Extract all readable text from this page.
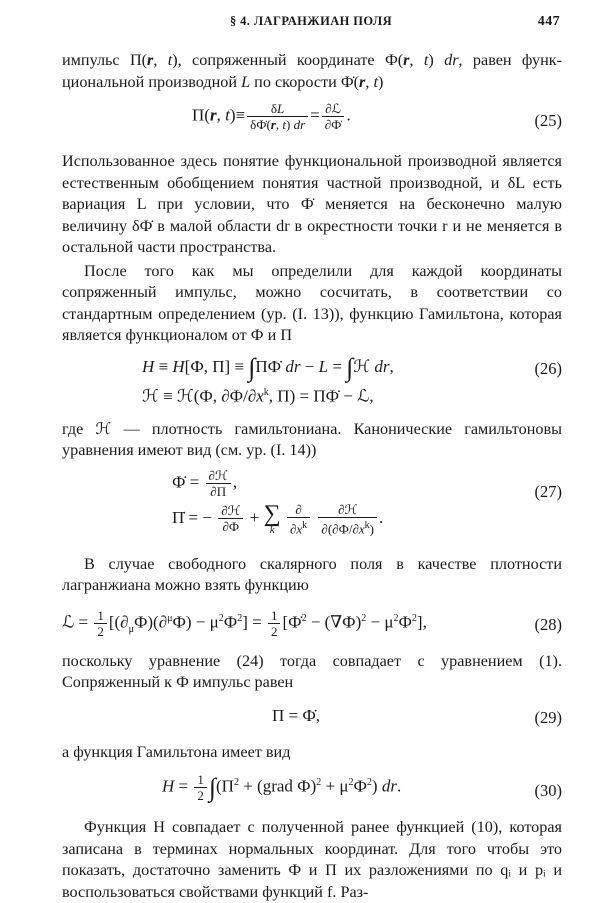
§ 4. ЛАГРАНЖИАН ПОЛЯ	447

импульс П(r, t), сопряженный координате Ф(r, t) dr, равен функ- циональной производной L по скорости Ф̇(r, t)

П(r, $t)\equiv \frac{\delta L}{\delta Ф̇(r, t) dr} = \frac{\text{∂ℒ}}{\partial Ф̇}$ .	(25)

Использованное здесь понятие функциональной производной является естественным обобщением понятия частной производной, и δL есть вариация L при условии, что Ф̇ меняется на бесконечно малую величину δФ̇ в малой области dr в окрестности точки r и не меняется в остальной части пространства.

После того как мы определили для каждой координаты сопряженный импульс, можно сосчитать, в соответствии со стандартным определением (ур. (I. 13)), функцию Гамильтона, которая является функционалом от Ф и П

H ≡ H[Ф, П] ≡ ∫ПФ̇ dr − L = ∫ℋ dr,	(26)
ℋ ≡ ℋ(Ф, $\partial Ф/\partial x^k$, П) = ПФ̇ − ℒ,

где ℋ — плотность гамильтониана. Канонические гамильтоновы уравнения имеют вид (см. ур. (I. 14))

Ф̇ = $\frac{\text{∂ℋ}}{\partial П}$ ,
П̇ = − $\frac{\text{∂ℋ}}{\partial Ф}$ + ∑
k
$\frac{\partial}{\partial x^k}$
$\frac{\text{∂ℋ}}{\partial(\partial Ф/\partial x^k)}$ .
(27)

В случае свободного скалярного поля в качестве плотности лагранжиана можно взять функцию

ℒ = $\frac{1}{2} [(\partial_\mu Ф)(\partial^\mu Ф) - \mu^2Ф^2] = \frac{1}{2}$ [Ф̇$^2$ − $(\nabla Ф)^2 - \mu^2Ф^2$],	(28)

поскольку уравнение (24) тогда совпадает с уравнением (1). Сопряженный к Ф импульс равен

П = Ф̇,	(29)

а функция Гамильтона имеет вид

$H = \frac{1}{2} \int(П^2$ + (grad $Ф)^2 + \mu^2Ф^2$) dr.	(30)

Функция H совпадает с полученной ранее функцией (10), которая записана в терминах нормальных координат. Для того чтобы это показать, достаточно заменить Ф и П их разложениями по qᵢ и pᵢ и воспользоваться свойствами функций f. Раз-
